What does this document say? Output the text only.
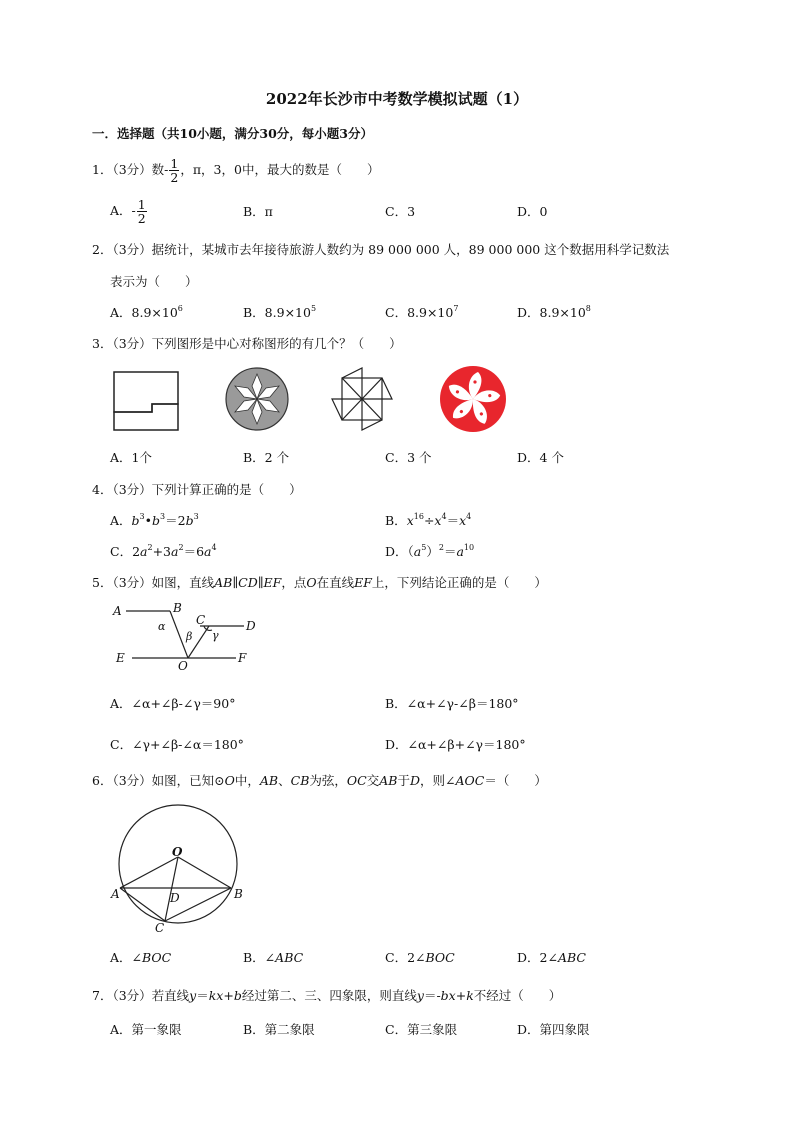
2022年长沙市中考数学模拟试题（1）
一．选择题（共10小题，满分30分，每小题3分）
1．（3分）数- $\frac{1}{2}$ ，π，3，0中，最大的数是（　　）
A．- $\frac{1}{2}$	B．π	C．3	D．0
2．（3分）据统计，某城市去年接待旅游人数约为 89 000 000 人，89 000 000 这个数据用科学记数法
表示为（　　）
A．$8.9\times 10^6$	B．$8.9\times 10^5$	C．$8.9\times 10^7$	D．$8.9\times 10^8$
3．（3分）下列图形是中心对称图形的有几个？（　　）
A．1个	B．2 个	C．3 个	D．4 个
4．（3分）下列计算正确的是（　　）
A．$b^3•b^3=2b^3$	B．$x^{16}\div x^4=x^4$
C．$2a^2+3a^2=6a^4$	D．$(a^5)^2=a^{10}$
5．（3分）如图，直线AB∥CD∥EF，点O在直线EF上，下列结论正确的是（　　）
A	B
C	D
E	F
O
α
β γ
A．∠α+∠β-∠γ＝90°	B．∠α+∠γ-∠β＝180°
C．∠γ+∠β-∠α＝180°	D．∠α+∠β+∠γ＝180°
6．（3分）如图，已知⊙O中，AB、CB为弦，OC交AB于D，则∠AOC＝（　　）
O
A	B
D
C
A．∠BOC	B．∠ABC	C．2∠BOC	D．2∠ABC
7．（3分）若直线y＝kx+b经过第二、三、四象限，则直线y＝-bx+k不经过（　　）
A．第一象限	B．第二象限	C．第三象限	D．第四象限
